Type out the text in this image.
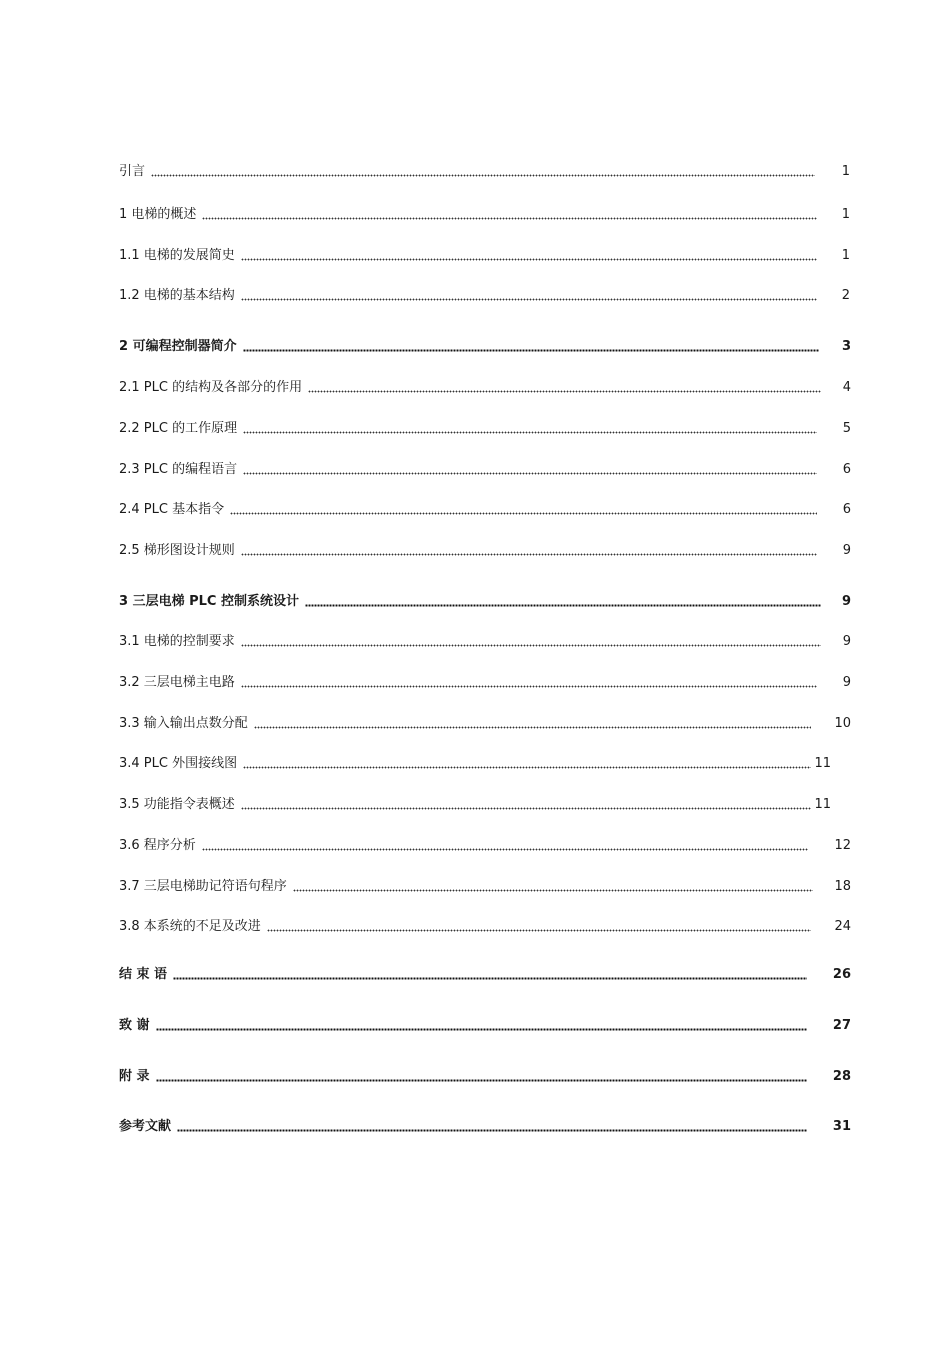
引言	1
1 电梯的概述	1
1.1 电梯的发展简史	1
1.2 电梯的基本结构	2
2 可编程控制器简介	3
2.1 PLC 的结构及各部分的作用	4
2.2 PLC 的工作原理	5
2.3 PLC 的编程语言	6
2.4 PLC 基本指令	6
2.5 梯形图设计规则	9
3 三层电梯 PLC 控制系统设计	9
3.1 电梯的控制要求	9
3.2 三层电梯主电路	9
3.3 输入输出点数分配	10
3.4 PLC 外围接线图	11
3.5 功能指令表概述	11
3.6 程序分析	12
3.7 三层电梯助记符语句程序	18
3.8 本系统的不足及改进	24
结 束 语	26
致 谢	27
附 录	28
参考文献	31
